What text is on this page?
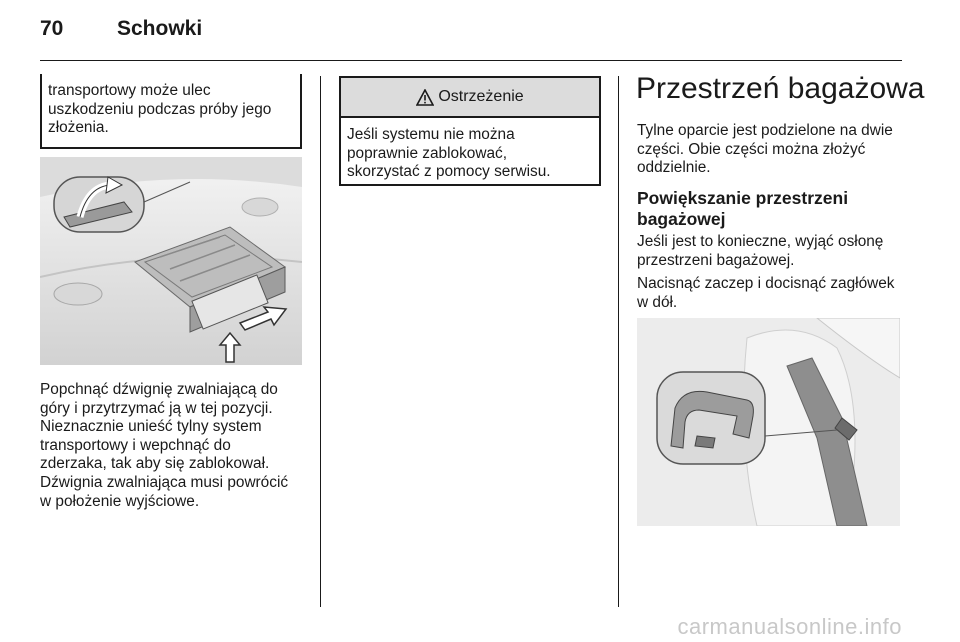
70	Schowki

transportowy może ulec
uszkodzeniu podczas próby jego
złożenia.

Popchnąć dźwignię zwalniającą do
góry i przytrzymać ją w tej pozycji.
Nieznacznie unieść tylny system
transportowy i wepchnąć do
zderzaka, tak aby się zablokował.

Dźwignia zwalniająca musi powrócić
w położenie wyjściowe.

Ostrzeżenie

Jeśli systemu nie można
poprawnie zablokować,
skorzystać z pomocy serwisu.

Przestrzeń bagażowa

Tylne oparcie jest podzielone na dwie
części. Obie części można złożyć
oddzielnie.

Powiększanie przestrzeni
bagażowej

Jeśli jest to konieczne, wyjąć osłonę
przestrzeni bagażowej.

Nacisnąć zaczep i docisnąć zagłówek
w dół.

carmanualsonline.info
